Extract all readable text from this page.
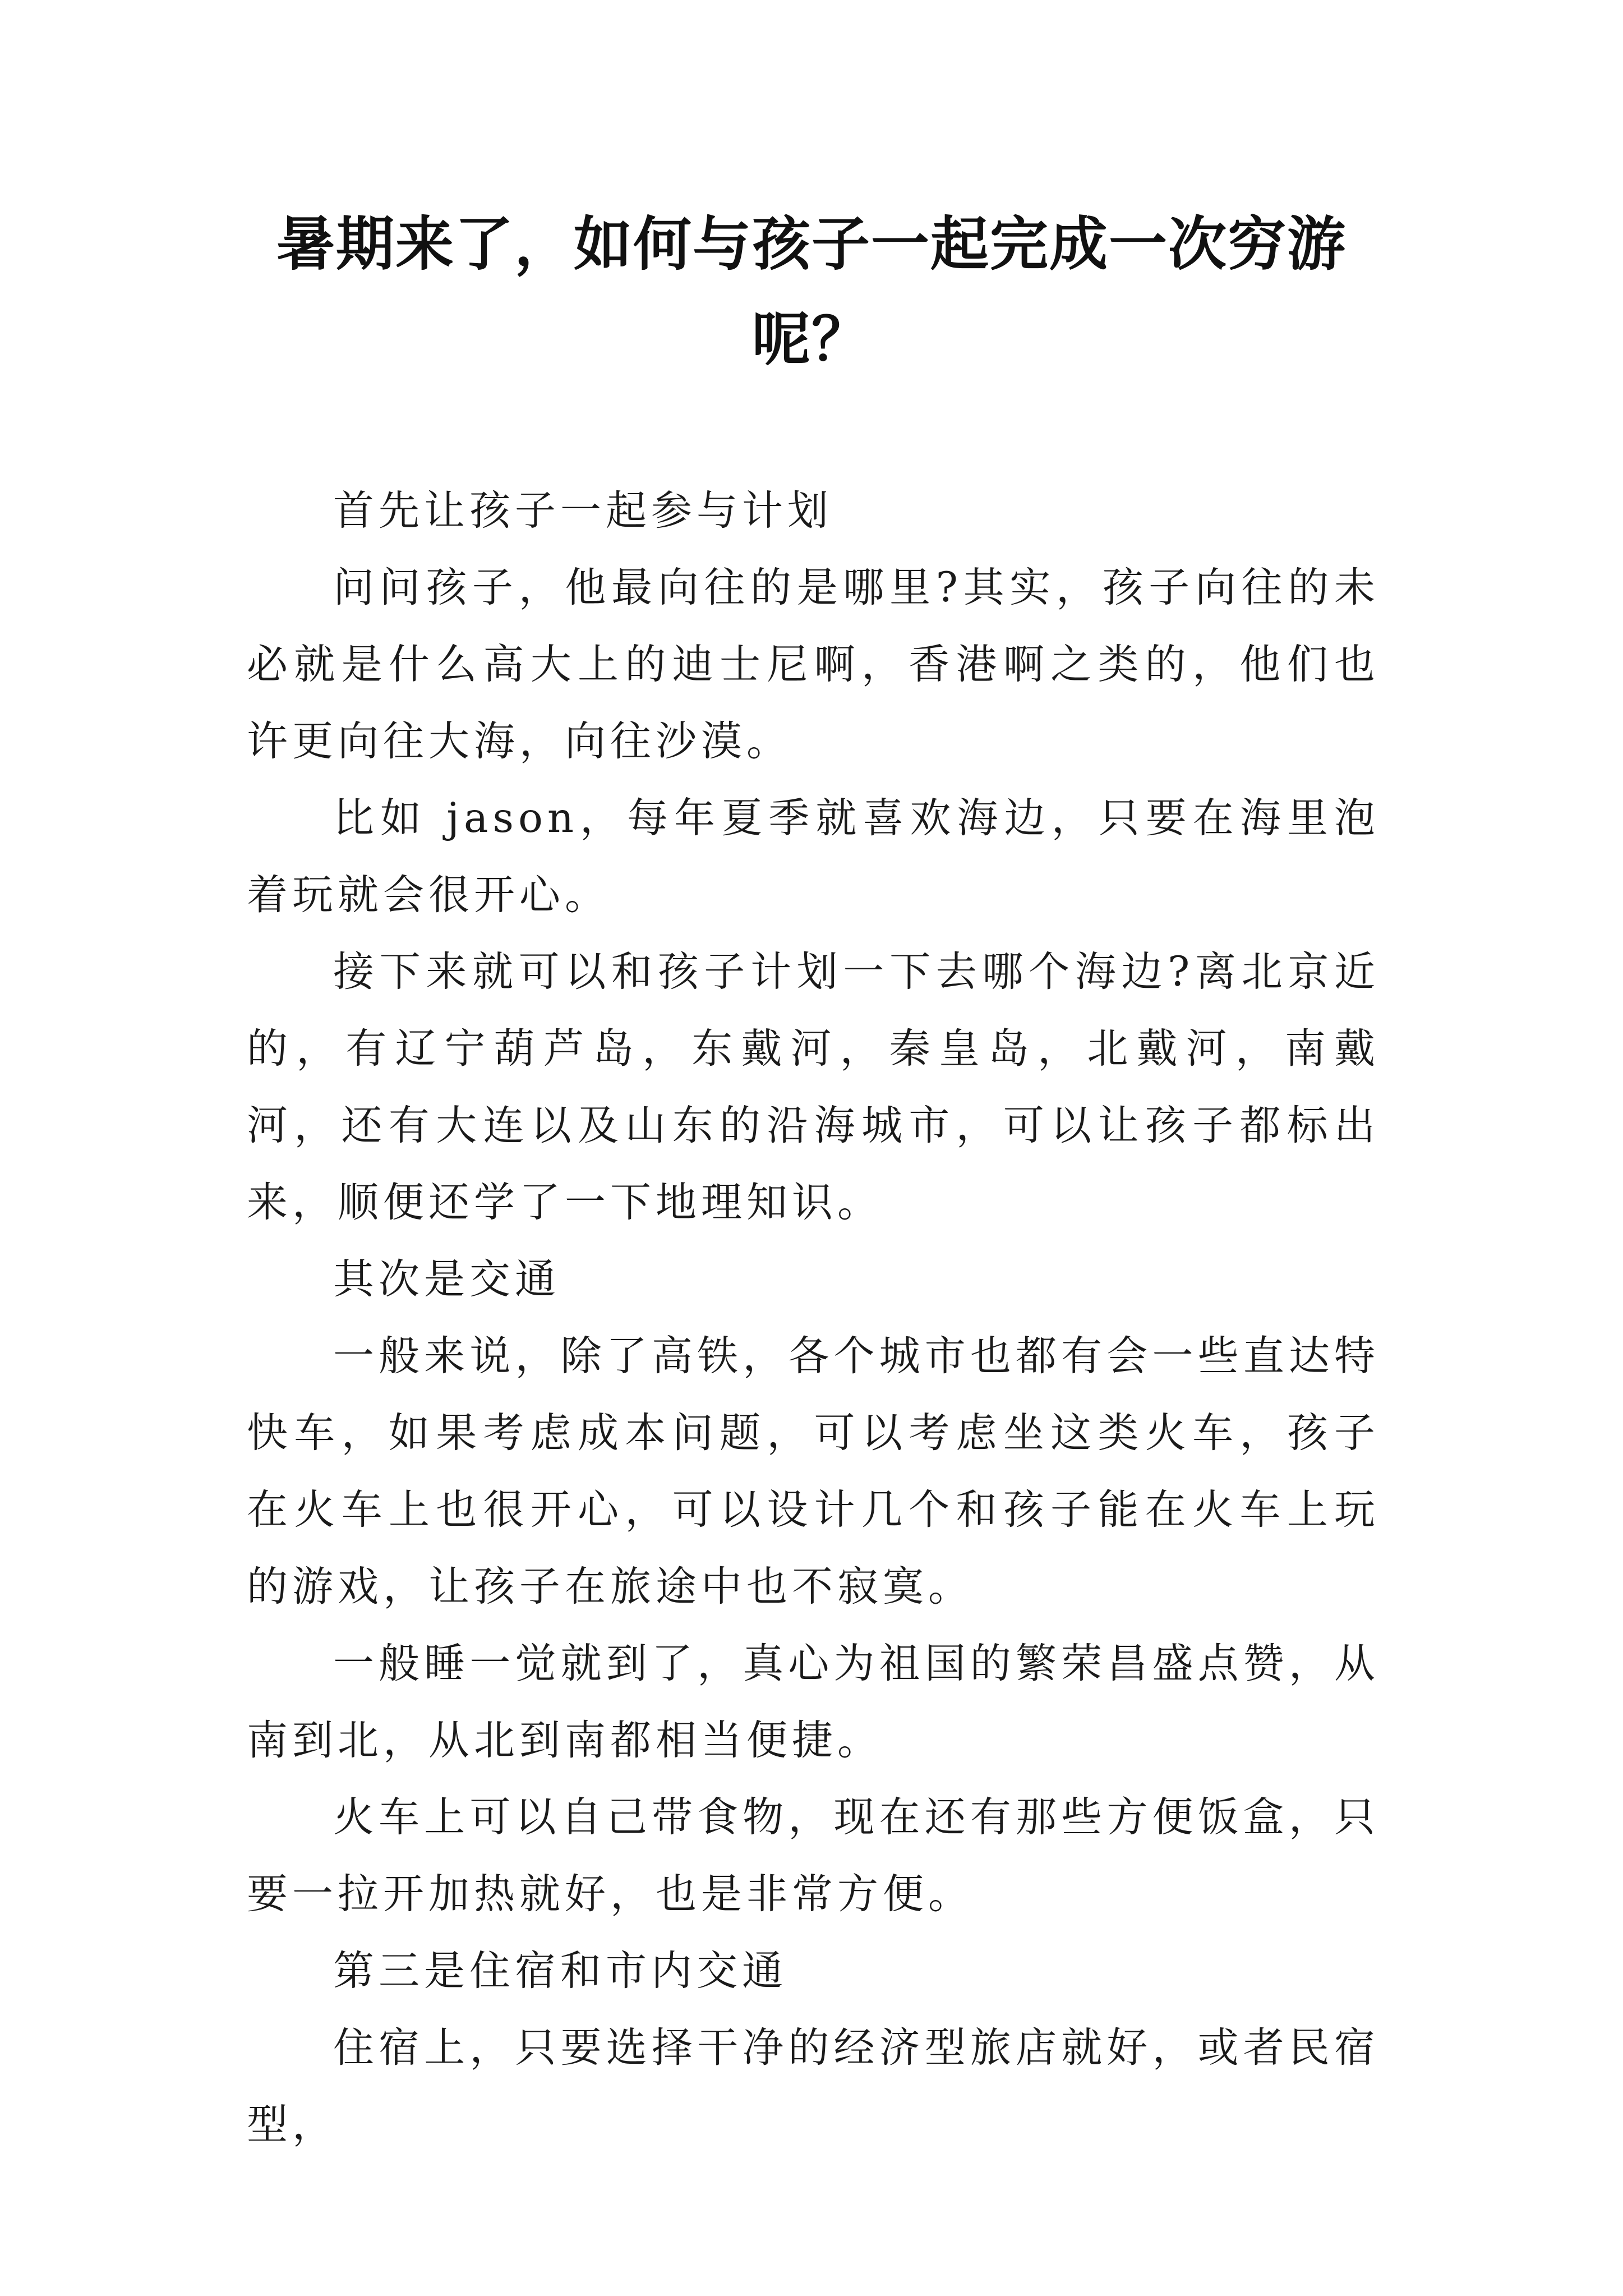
暑期来了，如何与孩子一起完成一次穷游呢？

首先让孩子一起参与计划

问问孩子，他最向往的是哪里?其实，孩子向往的未必就是什么高大上的迪士尼啊，香港啊之类的，他们也许更向往大海，向往沙漠。

比如 jason，每年夏季就喜欢海边，只要在海里泡着玩就会很开心。

接下来就可以和孩子计划一下去哪个海边?离北京近的，有辽宁葫芦岛，东戴河，秦皇岛，北戴河，南戴河，还有大连以及山东的沿海城市，可以让孩子都标出来，顺便还学了一下地理知识。

其次是交通

一般来说，除了高铁，各个城市也都有会一些直达特快车，如果考虑成本问题，可以考虑坐这类火车，孩子在火车上也很开心，可以设计几个和孩子能在火车上玩的游戏，让孩子在旅途中也不寂寞。

一般睡一觉就到了，真心为祖国的繁荣昌盛点赞，从南到北，从北到南都相当便捷。

火车上可以自己带食物，现在还有那些方便饭盒，只要一拉开加热就好，也是非常方便。

第三是住宿和市内交通

住宿上，只要选择干净的经济型旅店就好，或者民宿型，
